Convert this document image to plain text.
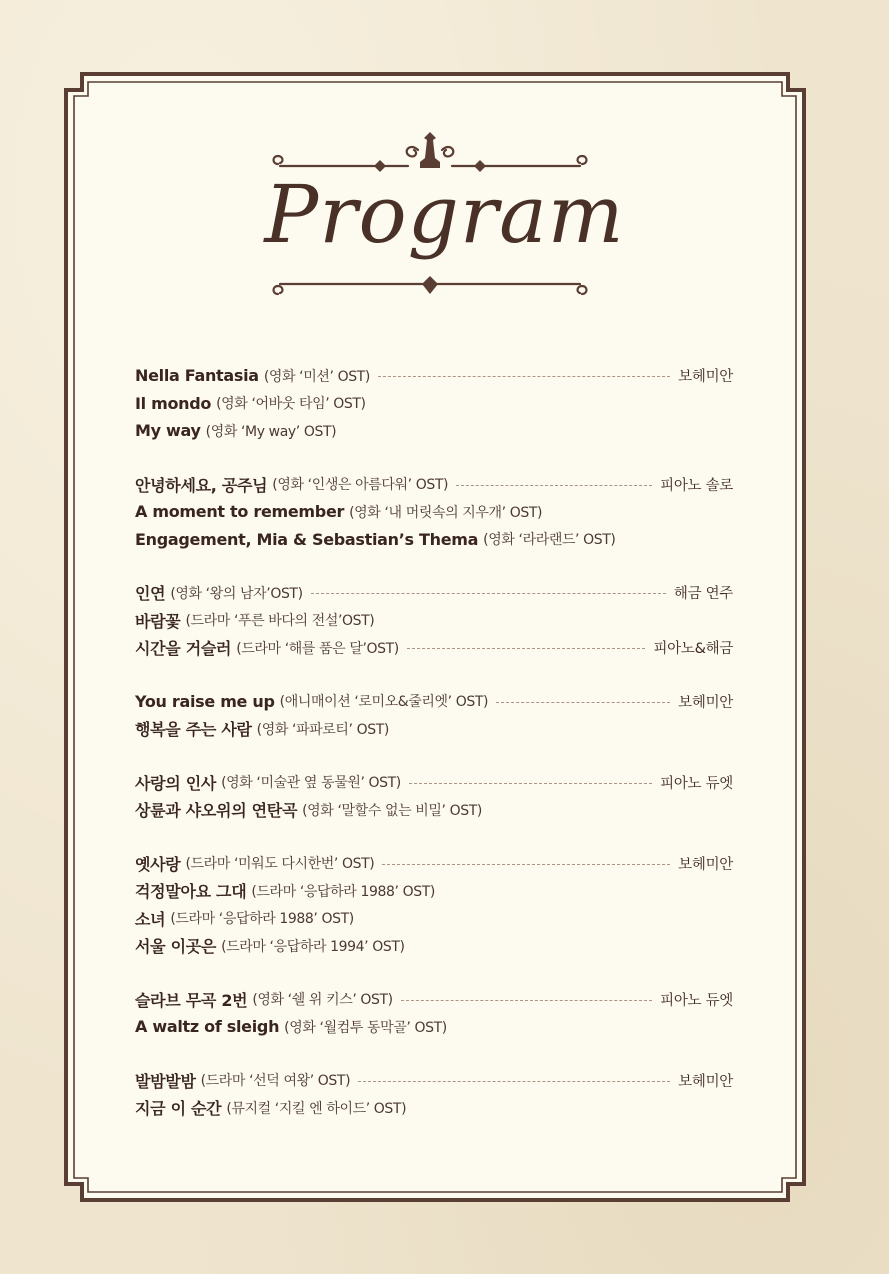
Program
Nella Fantasia (영화 ‘미션’ OST)	보헤미안
Il mondo (영화 ‘어바웃 타임’ OST)
My way (영화 ‘My way’ OST)
안녕하세요, 공주님 (영화 ‘인생은 아름다워’ OST)	피아노 솔로
A moment to remember (영화 ‘내 머릿속의 지우개’ OST)
Engagement, Mia & Sebastian’s Thema (영화 ‘라라랜드’ OST)
인연 (영화 ‘왕의 남자’OST)	해금 연주
바람꽃 (드라마 ‘푸른 바다의 전설’OST)
시간을 거슬러 (드라마 ‘해를 품은 달’OST)	피아노&해금
You raise me up (애니매이션 ‘로미오&줄리엣’ OST)	보헤미안
행복을 주는 사람 (영화 ‘파파로티’ OST)
사랑의 인사 (영화 ‘미술관 옆 동물원’ OST)	피아노 듀엣
상륜과 샤오위의 연탄곡 (영화 ‘말할수 없는 비밀’ OST)
옛사랑 (드라마 ‘미워도 다시한번’ OST)	보헤미안
걱정말아요 그대 (드라마 ‘응답하라 1988’ OST)
소녀 (드라마 ‘응답하라 1988’ OST)
서울 이곳은 (드라마 ‘응답하라 1994’ OST)
슬라브 무곡 2번 (영화 ‘쉘 위 키스’ OST)	피아노 듀엣
A waltz of sleigh (영화 ‘월컴투 동막골’ OST)
발밤발밤 (드라마 ‘선덕 여왕’ OST)	보헤미안
지금 이 순간 (뮤지컬 ‘지킬 엔 하이드’ OST)
